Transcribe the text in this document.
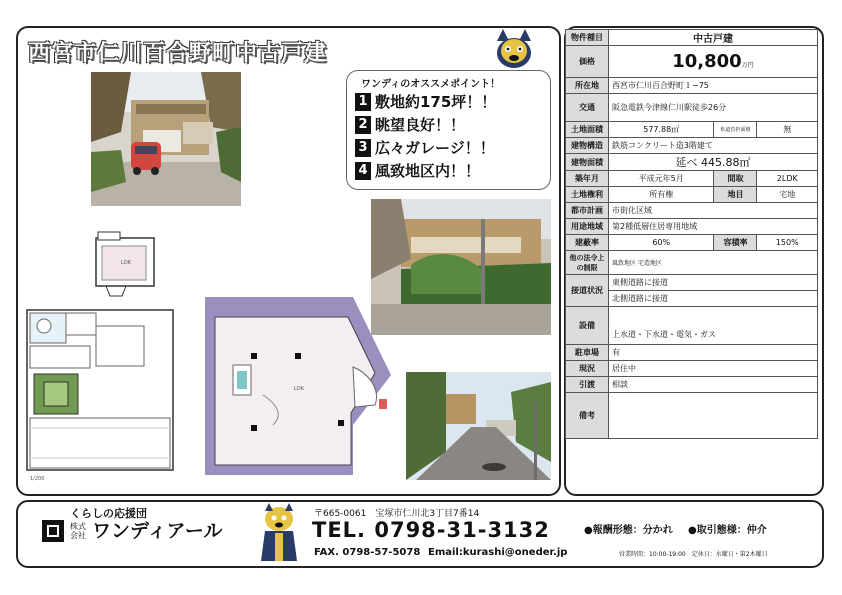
西宮市仁川百合野町中古戸建
ワンディのオススメポイント！
1 敷地約175坪！！
2 眺望良好！！
3 広々ガレージ！！
4 風致地区内！！
LDK
1/200
LDK
物件種目	中古戸建		
価格	10,800万円		
所在地	西宮市仁川百合野町１−75		
交通	阪急電鉄今津線仁川駅徒歩26分		
土地面積	577.88㎡	私道負担面積	無
建物構造	鉄筋コンクリート造3階建て		
建物面積	延べ 445.88㎡		
築年月	平成元年5月	間取	2LDK
土地権利	所有権	地目	宅地
都市計画	市街化区域		
用途地域	第2種低層住居専用地域		
建蔽率	60%	容積率	150%
他の法令上の制限	風致地区 宅造地区		
接道状況	東側道路に接道		
	北側道路に接道		
設備	上水道・下水道・電気・ガス		
駐車場	有		
現況	居住中		
引渡	相談		
備考			
くらしの応援団
株式会社 ワンディアール
〒665-0061　宝塚市仁川北3丁目7番14
TEL. 0798-31-3132
FAX. 0798-57-5078 Email:kurashi@oneder.jp
●報酬形態：分かれ ●取引態様：仲介
営業時間：10:00-19:00　定休日：水曜日・第2木曜日
